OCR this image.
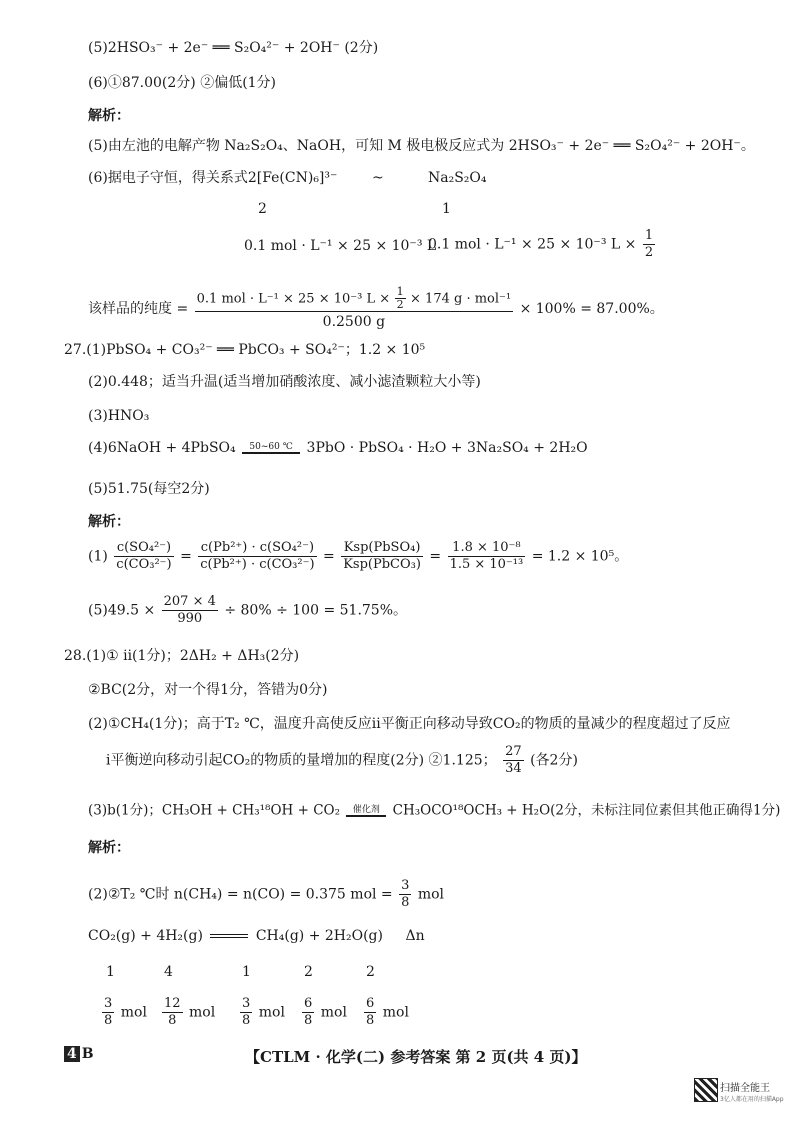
(5)2HSO₃⁻ + 2e⁻ ══ S₂O₄²⁻ + 2OH⁻ (2分)
(6)①87.00(2分) ②偏低(1分)
解析：
(5)由左池的电解产物 Na₂S₂O₄、NaOH，可知 M 极电极反应式为 2HSO₃⁻ + 2e⁻ ══ S₂O₄²⁻ + 2OH⁻。
(6)据电子守恒，得关系式2[Fe(CN)₆]³⁻ ~	Na₂S₂O₄
2	1
0.1 mol · L⁻¹ × 25 × 10⁻³ L
0.1 mol · L⁻¹ × 25 × 10⁻³ $L \times \frac{1}{2}$
该样品的纯度 = $\frac{0.1 mol \cdot L^{-1} \times 25 \times 10^{-3} L \times \frac{1}{2} \times 174 g \cdot mol^{-1}}{0.2500 g} \times 100\% = 87.00\%$。
27.(1)PbSO₄ + CO₃²⁻ ══ PbCO₃ + SO₄²⁻；1.2 × 10⁵
(2)0.448；适当升温(适当增加硝酸浓度、减小滤渣颗粒大小等)
(3)HNO₃
(4)6NaOH + 4PbSO₄	50~60 ℃ 3PbO · PbSO₄ · H₂O + 3Na₂SO₄ + 2H₂O
(5)51.75(每空2分)
解析：
$(1) \frac{\text{c(SO₄²⁻)}}{\text{c(CO₃²⁻)}} = \frac{\text{c(Pb²⁺) · c(SO₄²⁻)}}{\text{c(Pb²⁺) · c(CO₃²⁻)}} = \frac{\text{Ksp(PbSO₄)}}{\text{Ksp(PbCO₃)}} = \frac{\text{1.8 × 10⁻⁸}}{\text{1.5 × 10⁻¹³}} = 1.2 \times 10^5$。
$(5)49.5 \times \frac{207 \times 4}{990} \div 80\% \div 100 = 51.75\%$。
28.(1)① ⅱ(1分)；2ΔH₂ + ΔH₃(2分)
②BC(2分，对一个得1分，答错为0分)
(2)①CH₄(1分)；高于T₂ ℃，温度升高使反应ⅱ平衡正向移动导致CO₂的物质的量减少的程度超过了反应
ⅰ平衡逆向移动引起CO₂的物质的量增加的程度(2分) ②1.125； $\frac{27}{34}$ (各2分)
(3)b(1分)；CH₃OH + CH₃¹⁸OH + CO₂	催化剂 CH₃OCO¹⁸OCH₃ + H₂O(2分，未标注同位素但其他正确得1分)
解析：
(2)②T₂ ℃时 n(CH₄) = n(CO) = 0.375 mol = $\frac{3}{8}$ mol
CO₂(g) + 4H₂(g)	CH₄(g) + 2H₂O(g) Δn
1	4	1	2	2
$\frac{3}{8}$ mol $\frac{12}{8}$ mol $\frac{3}{8}$ mol $\frac{6}{8}$ mol $\frac{6}{8}$ mol
4 B	【CTLM · 化学(二) 参考答案 第 2 页(共 4 页)】
扫描全能王
3亿人都在用的扫描App
